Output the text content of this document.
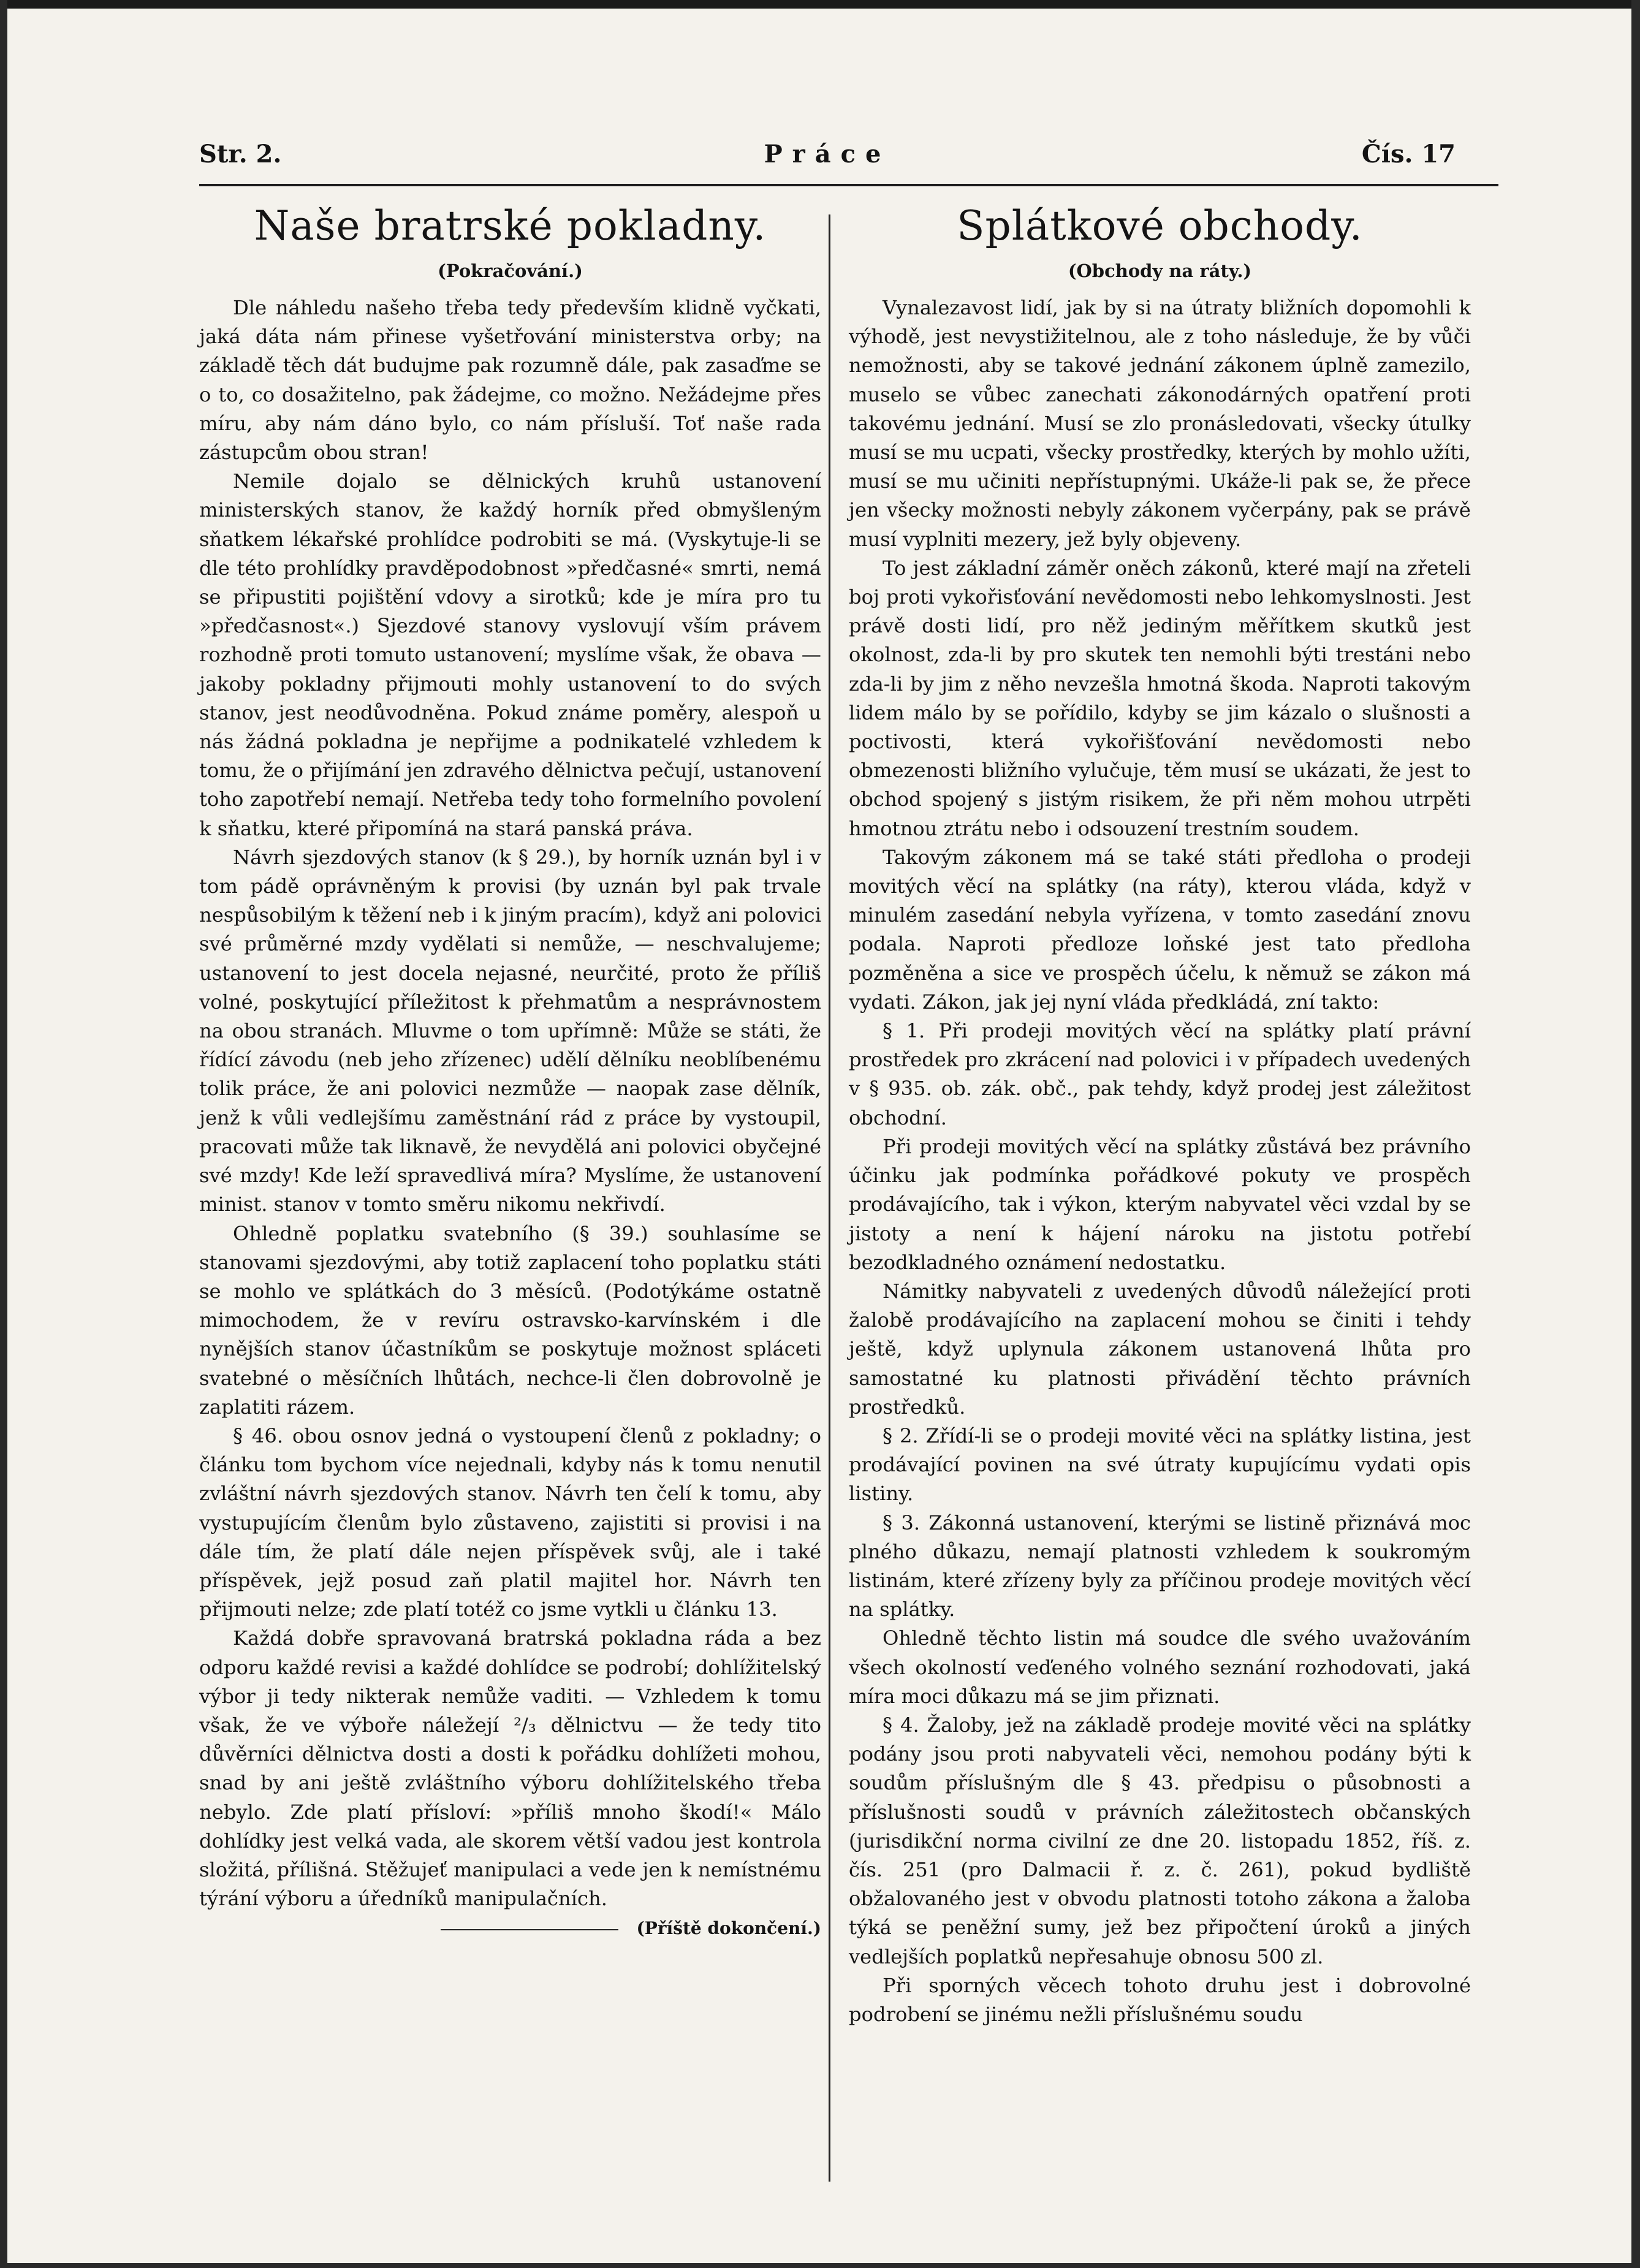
Práce
Str. 2.	Čís. 17
Naše bratrské pokladny.
(Pokračování.)

Dle náhledu našeho třeba tedy především klidně vyčkati, jaká dáta nám přinese vyšetřování ministerstva orby; na základě těch dát budujme pak rozumně dále, pak zasaďme se o to, co dosažitelno, pak žádejme, co možno. Nežádejme přes míru, aby nám dáno bylo, co nám přísluší. Toť naše rada zástupcům obou stran!

Nemile dojalo se dělnických kruhů ustanovení ministerských stanov, že každý horník před obmyšleným sňatkem lékařské prohlídce podrobiti se má. (Vyskytuje-li se dle této prohlídky pravděpodobnost »předčasné« smrti, nemá se připustiti pojištění vdovy a sirotků; kde je míra pro tu »předčasnost«.) Sjezdové stanovy vyslovují vším právem rozhodně proti tomuto ustanovení; myslíme však, že obava — jakoby pokladny přijmouti mohly ustanovení to do svých stanov, jest neodůvodněna. Pokud známe poměry, alespoň u nás žádná pokladna je nepřijme a podnikatelé vzhledem k tomu, že o přijímání jen zdravého dělnictva pečují, ustanovení toho zapotřebí nemají. Netřeba tedy toho formelního povolení k sňatku, které připomíná na stará panská práva.

Návrh sjezdových stanov (k § 29.), by horník uznán byl i v tom pádě oprávněným k provisi (by uznán byl pak trvale nespůsobilým k těžení neb i k jiným pracím), když ani polovici své průměrné mzdy vydělati si nemůže, — neschvalujeme; ustanovení to jest docela nejasné, neurčité, proto že příliš volné, poskytující příležitost k přehmatům a nesprávnostem na obou stranách. Mluvme o tom upřímně: Může se státi, že řídící závodu (neb jeho zřízenec) udělí dělníku neoblíbenému tolik práce, že ani polovici nezmůže — naopak zase dělník, jenž k vůli vedlejšímu zaměstnání rád z práce by vystoupil, pracovati může tak liknavě, že nevydělá ani polovici obyčejné své mzdy! Kde leží spravedlivá míra? Myslíme, že ustanovení minist. stanov v tomto směru nikomu nekřivdí.

Ohledně poplatku svatebního (§ 39.) souhlasíme se stanovami sjezdovými, aby totiž zaplacení toho poplatku státi se mohlo ve splátkách do 3 měsíců. (Podotýkáme ostatně mimochodem, že v revíru ostravsko-karvínském i dle nynějších stanov účastníkům se poskytuje možnost spláceti svatebné o měsíčních lhůtách, nechce-li člen dobrovolně je zaplatiti rázem.

§ 46. obou osnov jedná o vystoupení členů z pokladny; o článku tom bychom více nejednali, kdyby nás k tomu nenutil zvláštní návrh sjezdových stanov. Návrh ten čelí k tomu, aby vystupujícím členům bylo zůstaveno, zajistiti si provisi i na dále tím, že platí dále nejen příspěvek svůj, ale i také příspěvek, jejž posud zaň platil majitel hor. Návrh ten přijmouti nelze; zde platí totéž co jsme vytkli u článku 13.

Každá dobře spravovaná bratrská pokladna ráda a bez odporu každé revisi a každé dohlídce se podrobí; dohlížitelský výbor ji tedy nikterak nemůže vaditi. — Vzhledem k tomu však, že ve výboře náležejí ²/₃ dělnictvu — že tedy tito důvěrníci dělnictva dosti a dosti k pořádku dohlížeti mohou, snad by ani ještě zvláštního výboru dohlížitelského třeba nebylo. Zde platí přísloví: »příliš mnoho škodí!« Málo dohlídky jest velká vada, ale skorem větší vadou jest kontrola složitá, přílišná. Stěžujeť manipulaci a vede jen k nemístnému týrání výboru a úředníků manipulačních.

(Příště dokončení.)
Splátkové obchody.
(Obchody na ráty.)

Vynalezavost lidí, jak by si na útraty bližních dopomohli k výhodě, jest nevystižitelnou, ale z toho následuje, že by vůči nemožnosti, aby se takové jednání zákonem úplně zamezilo, muselo se vůbec zanechati zákonodárných opatření proti takovému jednání. Musí se zlo pronásledovati, všecky útulky musí se mu ucpati, všecky prostředky, kterých by mohlo užíti, musí se mu učiniti nepřístupnými. Ukáže-li pak se, že přece jen všecky možnosti nebyly zákonem vyčerpány, pak se právě musí vyplniti mezery, jež byly objeveny.

To jest základní záměr oněch zákonů, které mají na zřeteli boj proti vykořisťování nevědomosti nebo lehkomyslnosti. Jest právě dosti lidí, pro něž jediným měřítkem skutků jest okolnost, zda-li by pro skutek ten nemohli býti trestáni nebo zda-li by jim z něho nevzešla hmotná škoda. Naproti takovým lidem málo by se pořídilo, kdyby se jim kázalo o slušnosti a poctivosti, která vykořišťování nevědomosti nebo obmezenosti bližního vylučuje, těm musí se ukázati, že jest to obchod spojený s jistým risikem, že při něm mohou utrpěti hmotnou ztrátu nebo i odsouzení trestním soudem.

Takovým zákonem má se také státi předloha o prodeji movitých věcí na splátky (na ráty), kterou vláda, když v minulém zasedání nebyla vyřízena, v tomto zasedání znovu podala. Naproti předloze loňské jest tato předloha pozměněna a sice ve prospěch účelu, k němuž se zákon má vydati. Zákon, jak jej nyní vláda předkládá, zní takto:

§ 1. Při prodeji movitých věcí na splátky platí právní prostředek pro zkrácení nad polovici i v případech uvedených v § 935. ob. zák. obč., pak tehdy, když prodej jest záležitost obchodní.

Při prodeji movitých věcí na splátky zůstává bez právního účinku jak podmínka pořádkové pokuty ve prospěch prodávajícího, tak i výkon, kterým nabyvatel věci vzdal by se jistoty a není k hájení nároku na jistotu potřebí bezodkladného oznámení nedostatku.

Námitky nabyvateli z uvedených důvodů náležející proti žalobě prodávajícího na zaplacení mohou se činiti i tehdy ještě, když uplynula zákonem ustanovená lhůta pro samostatné ku platnosti přivádění těchto právních prostředků.

§ 2. Zřídí-li se o prodeji movité věci na splátky listina, jest prodávající povinen na své útraty kupujícímu vydati opis listiny.

§ 3. Zákonná ustanovení, kterými se listině přiznává moc plného důkazu, nemají platnosti vzhledem k soukromým listinám, které zřízeny byly za příčinou prodeje movitých věcí na splátky.

Ohledně těchto listin má soudce dle svého uvažováním všech okolností veďeného volného seznání rozhodovati, jaká míra moci důkazu má se jim přiznati.

§ 4. Žaloby, jež na základě prodeje movité věci na splátky podány jsou proti nabyvateli věci, nemohou podány býti k soudům příslušným dle § 43. předpisu o působnosti a příslušnosti soudů v právních záležitostech občanských (jurisdikční norma civilní ze dne 20. listopadu 1852, říš. z. čís. 251 (pro Dalmacii ř. z. č. 261), pokud bydliště obžalovaného jest v obvodu platnosti totoho zákona a žaloba týká se peněžní sumy, jež bez připočtení úroků a jiných vedlejších poplatků nepřesahuje obnosu 500 zl.

Při sporných věcech tohoto druhu jest i dobrovolné podrobení se jinému nežli příslušnému soudu
